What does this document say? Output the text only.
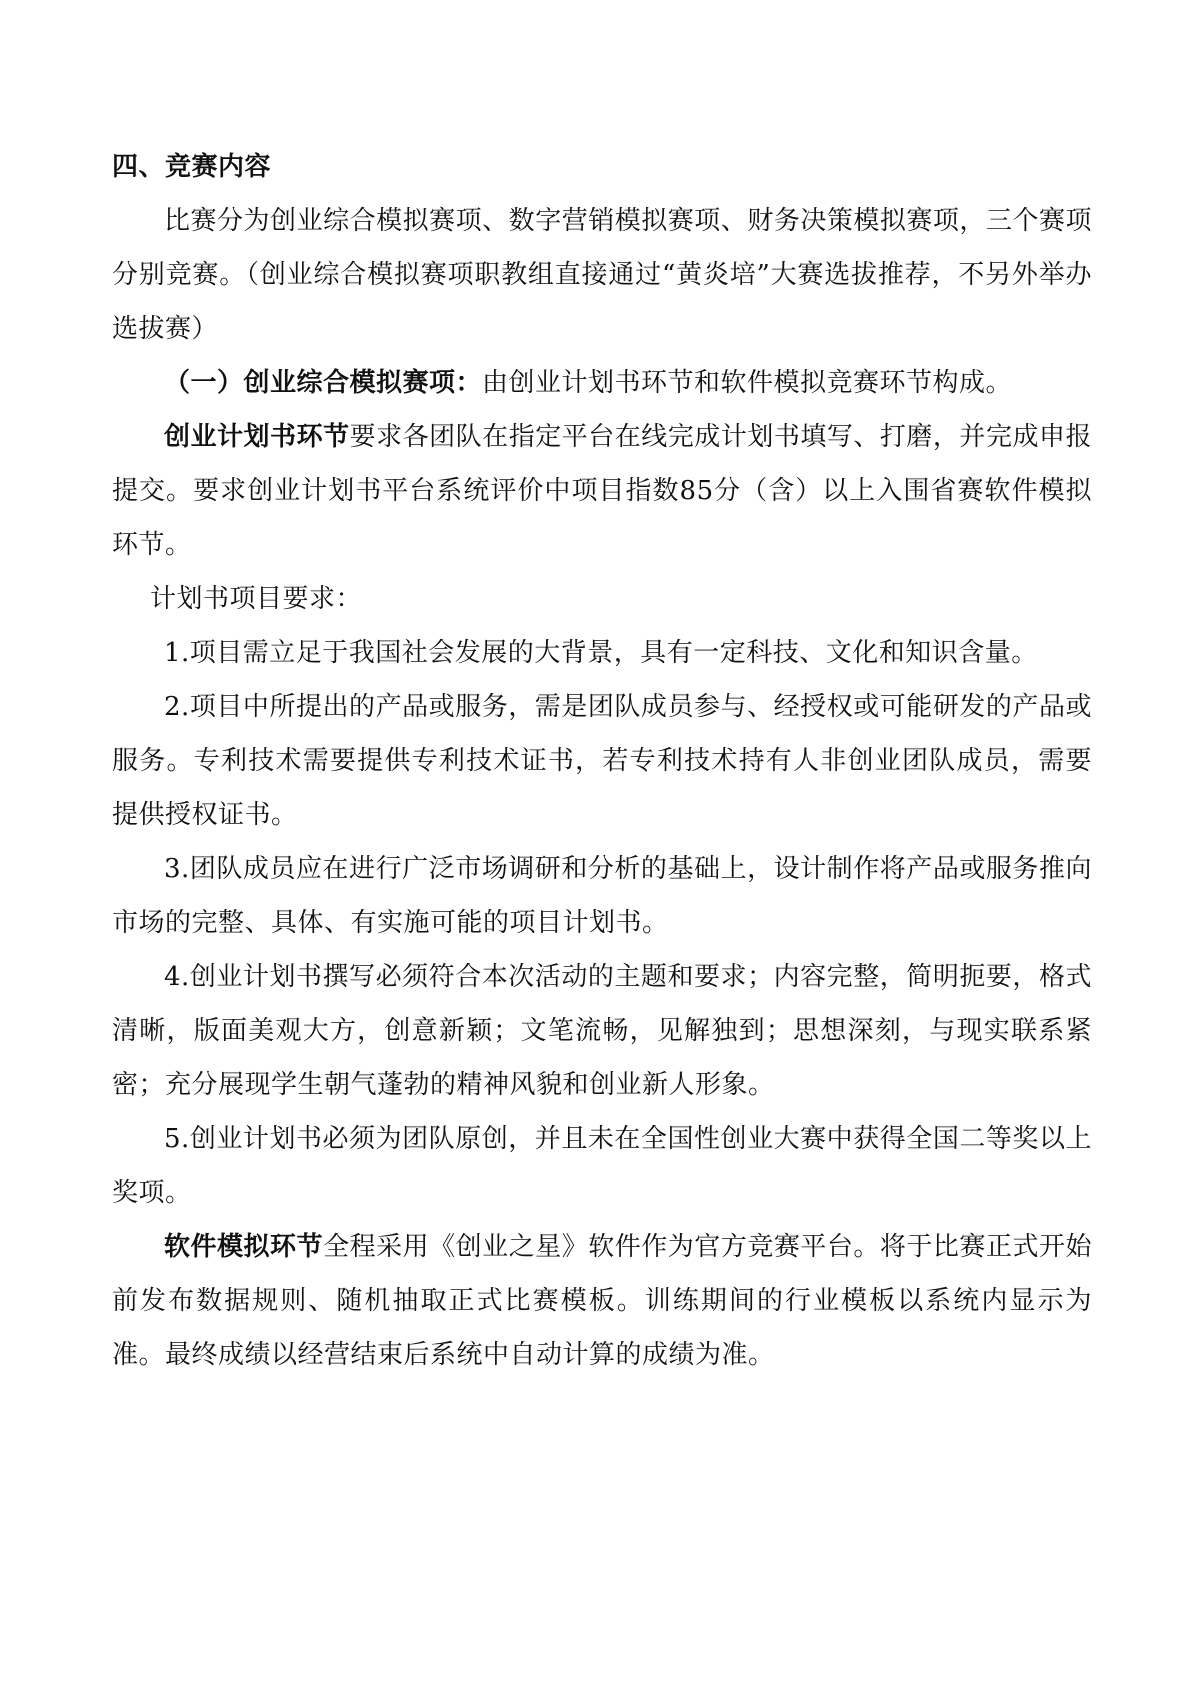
四、竞赛内容

比赛分为创业综合模拟赛项、数字营销模拟赛项、财务决策模拟赛项，三个赛项分别竞赛。（创业综合模拟赛项职教组直接通过“黄炎培”大赛选拔推荐，不另外举办选拔赛）

（一）创业综合模拟赛项：由创业计划书环节和软件模拟竞赛环节构成。

创业计划书环节要求各团队在指定平台在线完成计划书填写、打磨，并完成申报提交。要求创业计划书平台系统评价中项目指数85分（含）以上入围省赛软件模拟环节。

计划书项目要求：

1.项目需立足于我国社会发展的大背景，具有一定科技、文化和知识含量。

2.项目中所提出的产品或服务，需是团队成员参与、经授权或可能研发的产品或服务。专利技术需要提供专利技术证书，若专利技术持有人非创业团队成员，需要提供授权证书。

3.团队成员应在进行广泛市场调研和分析的基础上，设计制作将产品或服务推向市场的完整、具体、有实施可能的项目计划书。

4.创业计划书撰写必须符合本次活动的主题和要求；内容完整，简明扼要，格式清晰，版面美观大方，创意新颖；文笔流畅，见解独到；思想深刻，与现实联系紧密；充分展现学生朝气蓬勃的精神风貌和创业新人形象。

5.创业计划书必须为团队原创，并且未在全国性创业大赛中获得全国二等奖以上奖项。

软件模拟环节全程采用《创业之星》软件作为官方竞赛平台。将于比赛正式开始前发布数据规则、随机抽取正式比赛模板。训练期间的行业模板以系统内显示为准。最终成绩以经营结束后系统中自动计算的成绩为准。
